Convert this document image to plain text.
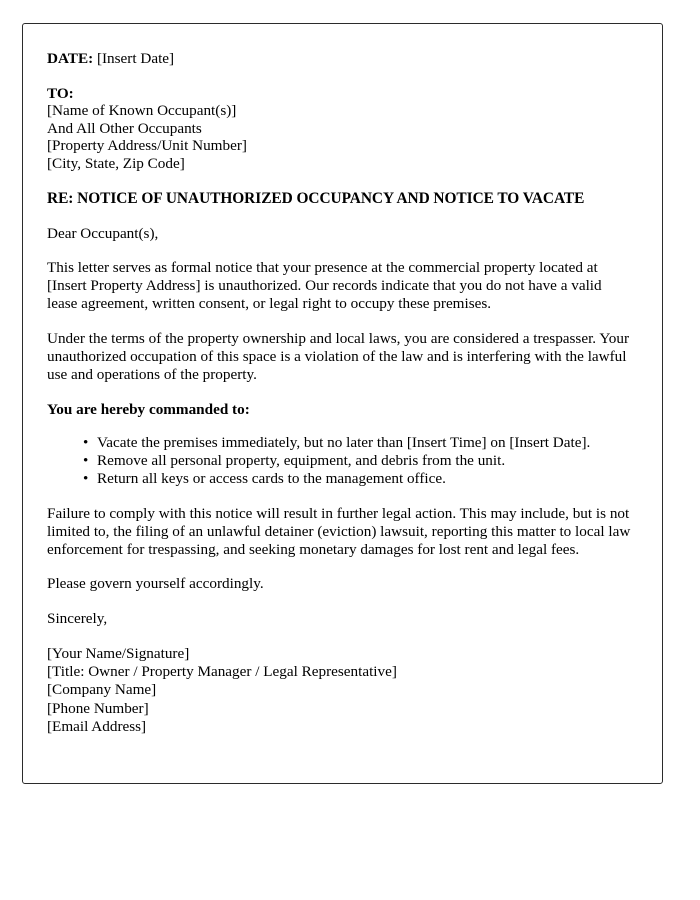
DATE: [Insert Date]
TO:
[Name of Known Occupant(s)]
And All Other Occupants
[Property Address/Unit Number]
[City, State, Zip Code]
RE: NOTICE OF UNAUTHORIZED OCCUPANCY AND NOTICE TO VACATE
Dear Occupant(s),

This letter serves as formal notice that your presence at the commercial property located at [Insert Property Address] is unauthorized. Our records indicate that you do not have a valid lease agreement, written consent, or legal right to occupy these premises.

Under the terms of the property ownership and local laws, you are considered a trespasser. Your unauthorized occupation of this space is a violation of the law and is interfering with the lawful use and operations of the property.

You are hereby commanded to:
• Vacate the premises immediately, but no later than [Insert Time] on [Insert Date].
• Remove all personal property, equipment, and debris from the unit.
• Return all keys or access cards to the management office.

Failure to comply with this notice will result in further legal action. This may include, but is not limited to, the filing of an unlawful detainer (eviction) lawsuit, reporting this matter to local law enforcement for trespassing, and seeking monetary damages for lost rent and legal fees.

Please govern yourself accordingly.

Sincerely,
[Your Name/Signature]
[Title: Owner / Property Manager / Legal Representative]
[Company Name]
[Phone Number]
[Email Address]
